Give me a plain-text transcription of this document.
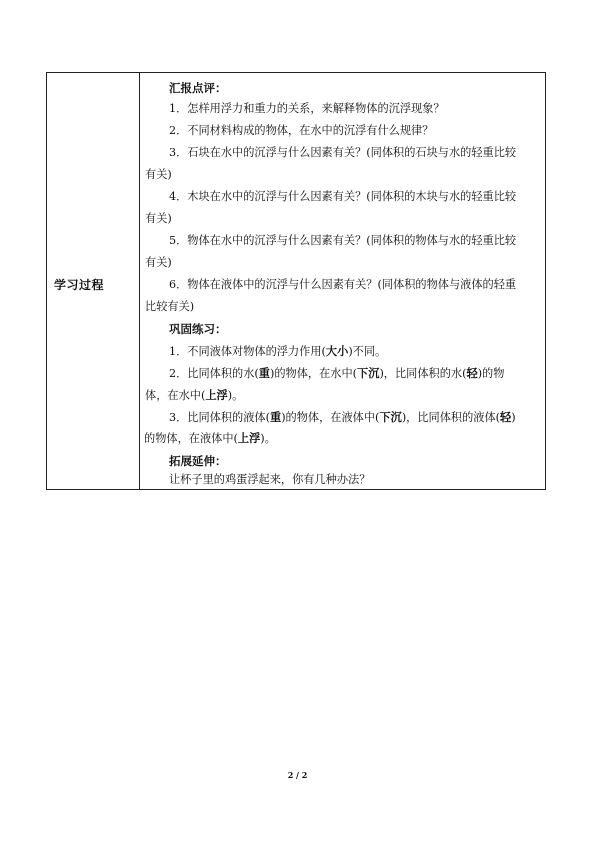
学习过程
汇报点评：
1．怎样用浮力和重力的关系，来解释物体的沉浮现象？
2．不同材料构成的物体，在水中的沉浮有什么规律？
3．石块在水中的沉浮与什么因素有关？(同体积的石块与水的轻重比较
有关)
4．木块在水中的沉浮与什么因素有关？(同体积的木块与水的轻重比较
有关)
5．物体在水中的沉浮与什么因素有关？(同体积的物体与水的轻重比较
有关)
6．物体在液体中的沉浮与什么因素有关？(同体积的物体与液体的轻重
比较有关)
巩固练习：
1．不同液体对物体的浮力作用(大小)不同。
2．比同体积的水(重)的物体，在水中(下沉)，比同体积的水(轻)的物
体，在水中(上浮)。
3．比同体积的液体(重)的物体，在液体中(下沉)，比同体积的液体(轻)
拓展延伸：
让杯子里的鸡蛋浮起来，你有几种办法？
的物体，在液体中(上浮)。
2 / 2
